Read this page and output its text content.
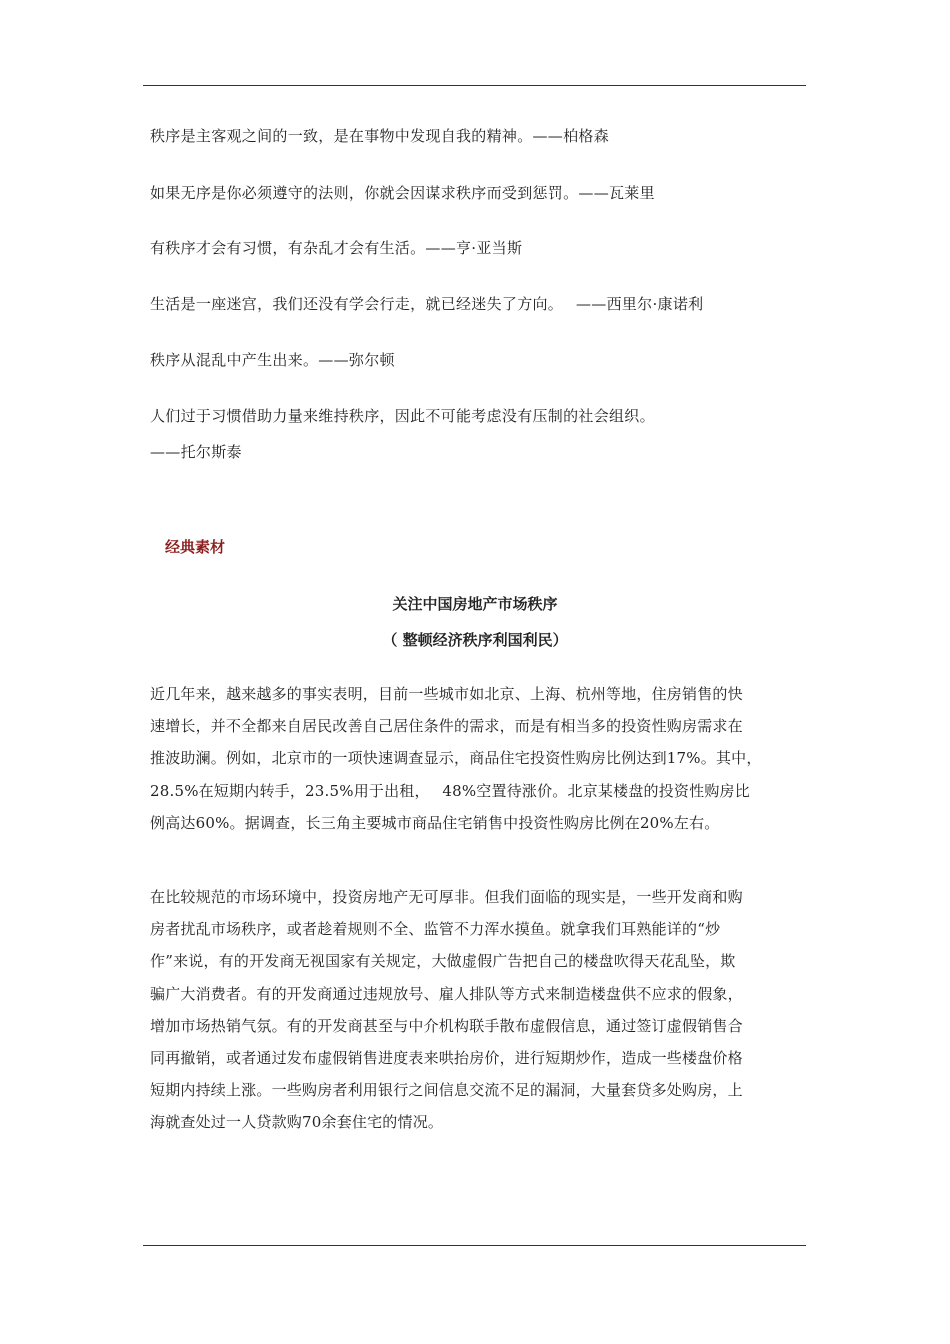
秩序是主客观之间的一致，是在事物中发现自我的精神。——柏格森
如果无序是你必须遵守的法则，你就会因谋求秩序而受到惩罚。——瓦莱里
有秩序才会有习惯，有杂乱才会有生活。——亨·亚当斯
生活是一座迷宫，我们还没有学会行走，就已经迷失了方向。　 ——西里尔·康诺利
秩序从混乱中产生出来。——弥尔顿
人们过于习惯借助力量来维持秩序，因此不可能考虑没有压制的社会组织。
——托尔斯泰
经典素材
关注中国房地产市场秩序
（ 整顿经济秩序利国利民）
近几年来，越来越多的事实表明，目前一些城市如北京、上海、杭州等地，住房销售的快
速增长，并不全都来自居民改善自己居住条件的需求，而是有相当多的投资性购房需求在
推波助澜。例如，北京市的一项快速调查显示，商品住宅投资性购房比例达到17%。其中，
28.5%在短期内转手，23.5%用于出租，　 48%空置待涨价。北京某楼盘的投资性购房比
例高达60%。据调查，长三角主要城市商品住宅销售中投资性购房比例在20%左右。
在比较规范的市场环境中，投资房地产无可厚非。但我们面临的现实是，一些开发商和购
房者扰乱市场秩序，或者趁着规则不全、监管不力浑水摸鱼。就拿我们耳熟能详的“炒
作”来说，有的开发商无视国家有关规定，大做虚假广告把自己的楼盘吹得天花乱坠，欺
骗广大消费者。有的开发商通过违规放号、雇人排队等方式来制造楼盘供不应求的假象，
增加市场热销气氛。有的开发商甚至与中介机构联手散布虚假信息，通过签订虚假销售合
同再撤销，或者通过发布虚假销售进度表来哄抬房价，进行短期炒作，造成一些楼盘价格
短期内持续上涨。一些购房者利用银行之间信息交流不足的漏洞，大量套贷多处购房，上
海就查处过一人贷款购70余套住宅的情况。
